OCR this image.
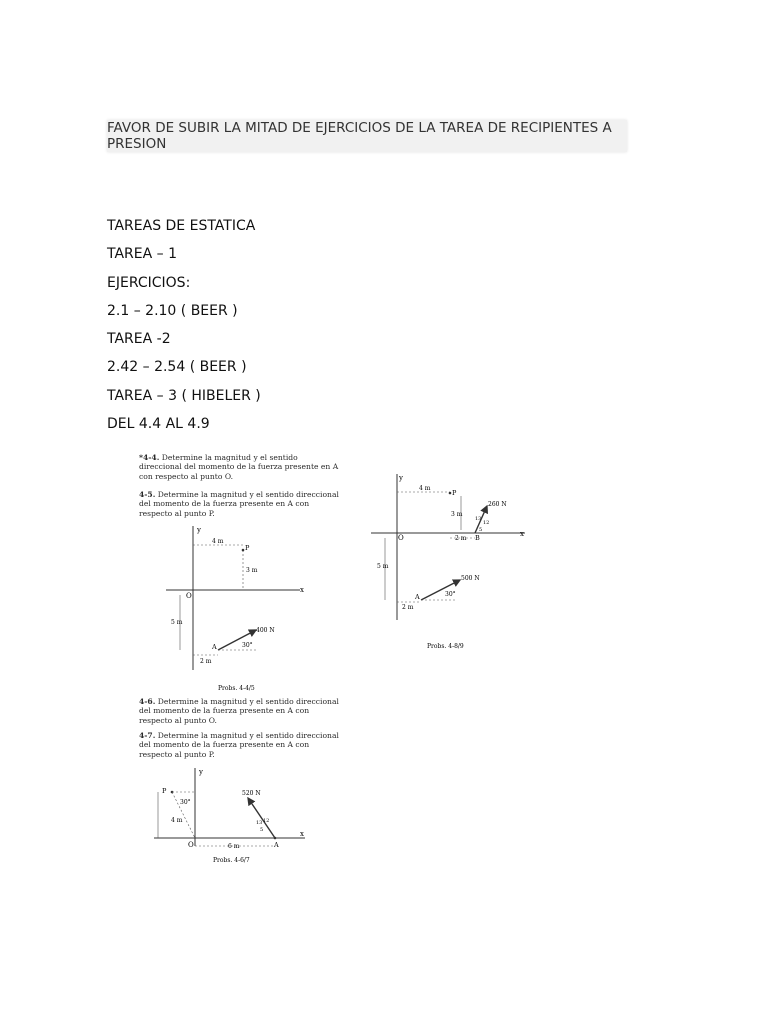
FAVOR DE SUBIR LA MITAD DE EJERCICIOS DE LA TAREA DE RECIPIENTES A PRESION
TAREAS DE ESTATICA
TAREA – 1
EJERCICIOS:
2.1 – 2.10 ( BEER )
TAREA -2
2.42 – 2.54 ( BEER )
TAREA – 3 ( HIBELER )
DEL 4.4 AL 4.9
*4-4. Determine la magnitud y el sentido direccional del momento de la fuerza presente en A con respecto al punto O.
4-5. Determine la magnitud y el sentido direccional del momento de la fuerza presente en A con respecto al punto P.
4-6. Determine la magnitud y el sentido direccional del momento de la fuerza presente en A con respecto al punto O.
4-7. Determine la magnitud y el sentido direccional del momento de la fuerza presente en A con respecto al punto P.
y
x
O
4 m
3 m
P
5 m
2 m
A
400 N
30°
Probs. 4-4/5
y
x
O
4 m
P
3 m
2 m B
260 N
13
12
5
5 m
2 m
A
500 N
30°
Probs. 4-8/9
y
x
O
P
30°
4 m
6 m	A
520 N
13 12
5
Probs. 4-6/7
